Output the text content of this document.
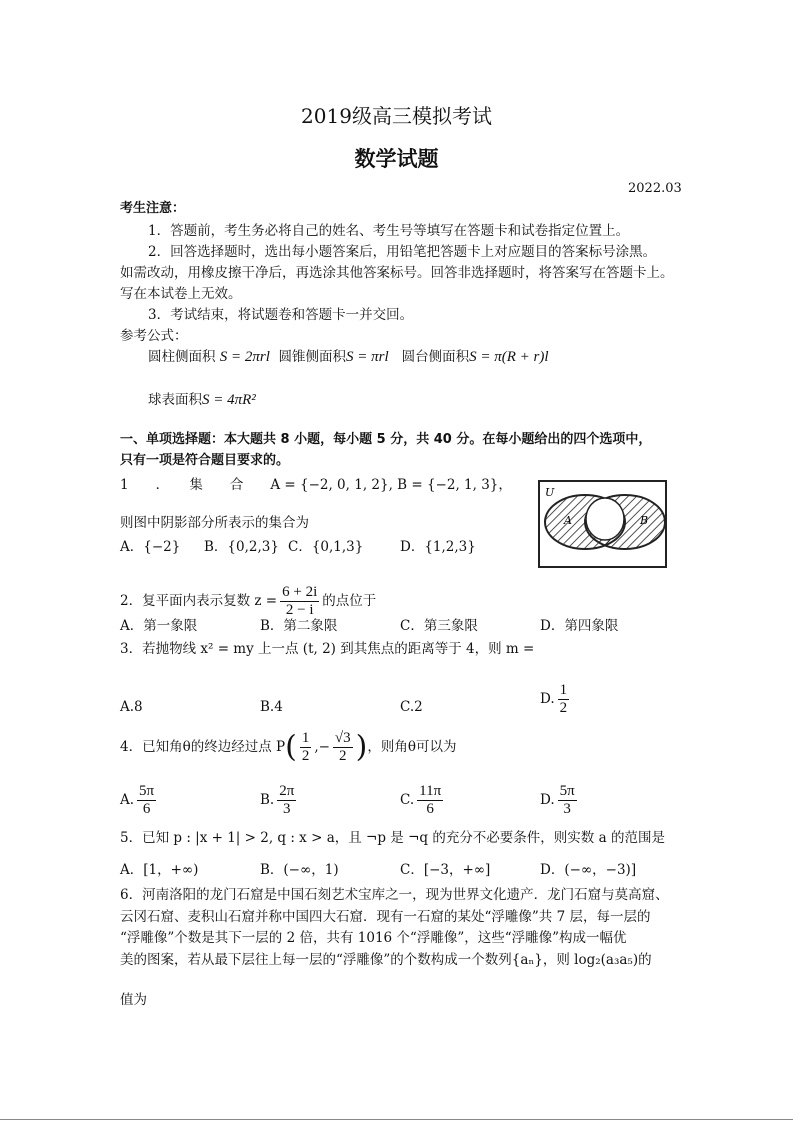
2019级高三模拟考试
数学试题
2022.03
考生注意：
1．答题前，考生务必将自己的姓名、考生号等填写在答题卡和试卷指定位置上。
2．回答选择题时，选出每小题答案后，用铅笔把答题卡上对应题目的答案标号涂黑。
如需改动，用橡皮擦干净后，再选涂其他答案标号。回答非选择题时，将答案写在答题卡上。
写在本试卷上无效。
3．考试结束，将试题卷和答题卡一并交回。
参考公式：
圆柱侧面积 S = 2πrl 圆锥侧面积S = πrl 圆台侧面积S = π(R + r)l
球表面积S = 4πR²
一、单项选择题：本大题共 8 小题，每小题 5 分，共 40 分。在每小题给出的四个选项中，
只有一项是符合题目要求的。
1　　．　　集　　合　　A = {−2, 0, 1, 2}, B = {−2, 1, 3}，
则图中阴影部分所表示的集合为
A．{−2} B．{0,2,3} C．{0,1,3}	D．{1,2,3}
U
A	B
2．复平面内表示复数 $z = \frac{6 + 2i}{2 - i}$ 的点位于
A．第一象限	B．第二象限	C．第三象限	D．第四象限
3．若抛物线 x² = my 上一点 (t, 2) 到其焦点的距离等于 4，则 m =
A.8	B.4	C.2	D. $\frac{1}{2}$
4．已知角θ的终边经过点 $P( \frac{1}{2}$ ,− $\frac{√3}{2}$ )，则角θ可以为
A. $\frac{5\pi}{6}$	B. $\frac{2\pi}{3}$	C. $\frac{11\pi}{6}$	D. $\frac{5\pi}{3}$
5．已知 p : |x + 1| > 2, q : x > a，且 ¬p 是 ¬q 的充分不必要条件，则实数 a 的范围是
A．[1，+∞)	B．(−∞，1)	C．[−3，+∞]	D．(−∞，−3)]
6．河南洛阳的龙门石窟是中国石刻艺术宝库之一，现为世界文化遗产．龙门石窟与莫高窟、
云冈石窟、麦积山石窟并称中国四大石窟．现有一石窟的某处“浮雕像”共 7 层，每一层的
“浮雕像”个数是其下一层的 2 倍，共有 1016 个“浮雕像”，这些“浮雕像”构成一幅优
美的图案，若从最下层往上每一层的“浮雕像”的个数构成一个数列{aₙ}，则 log₂(a₃a₅)的
值为
